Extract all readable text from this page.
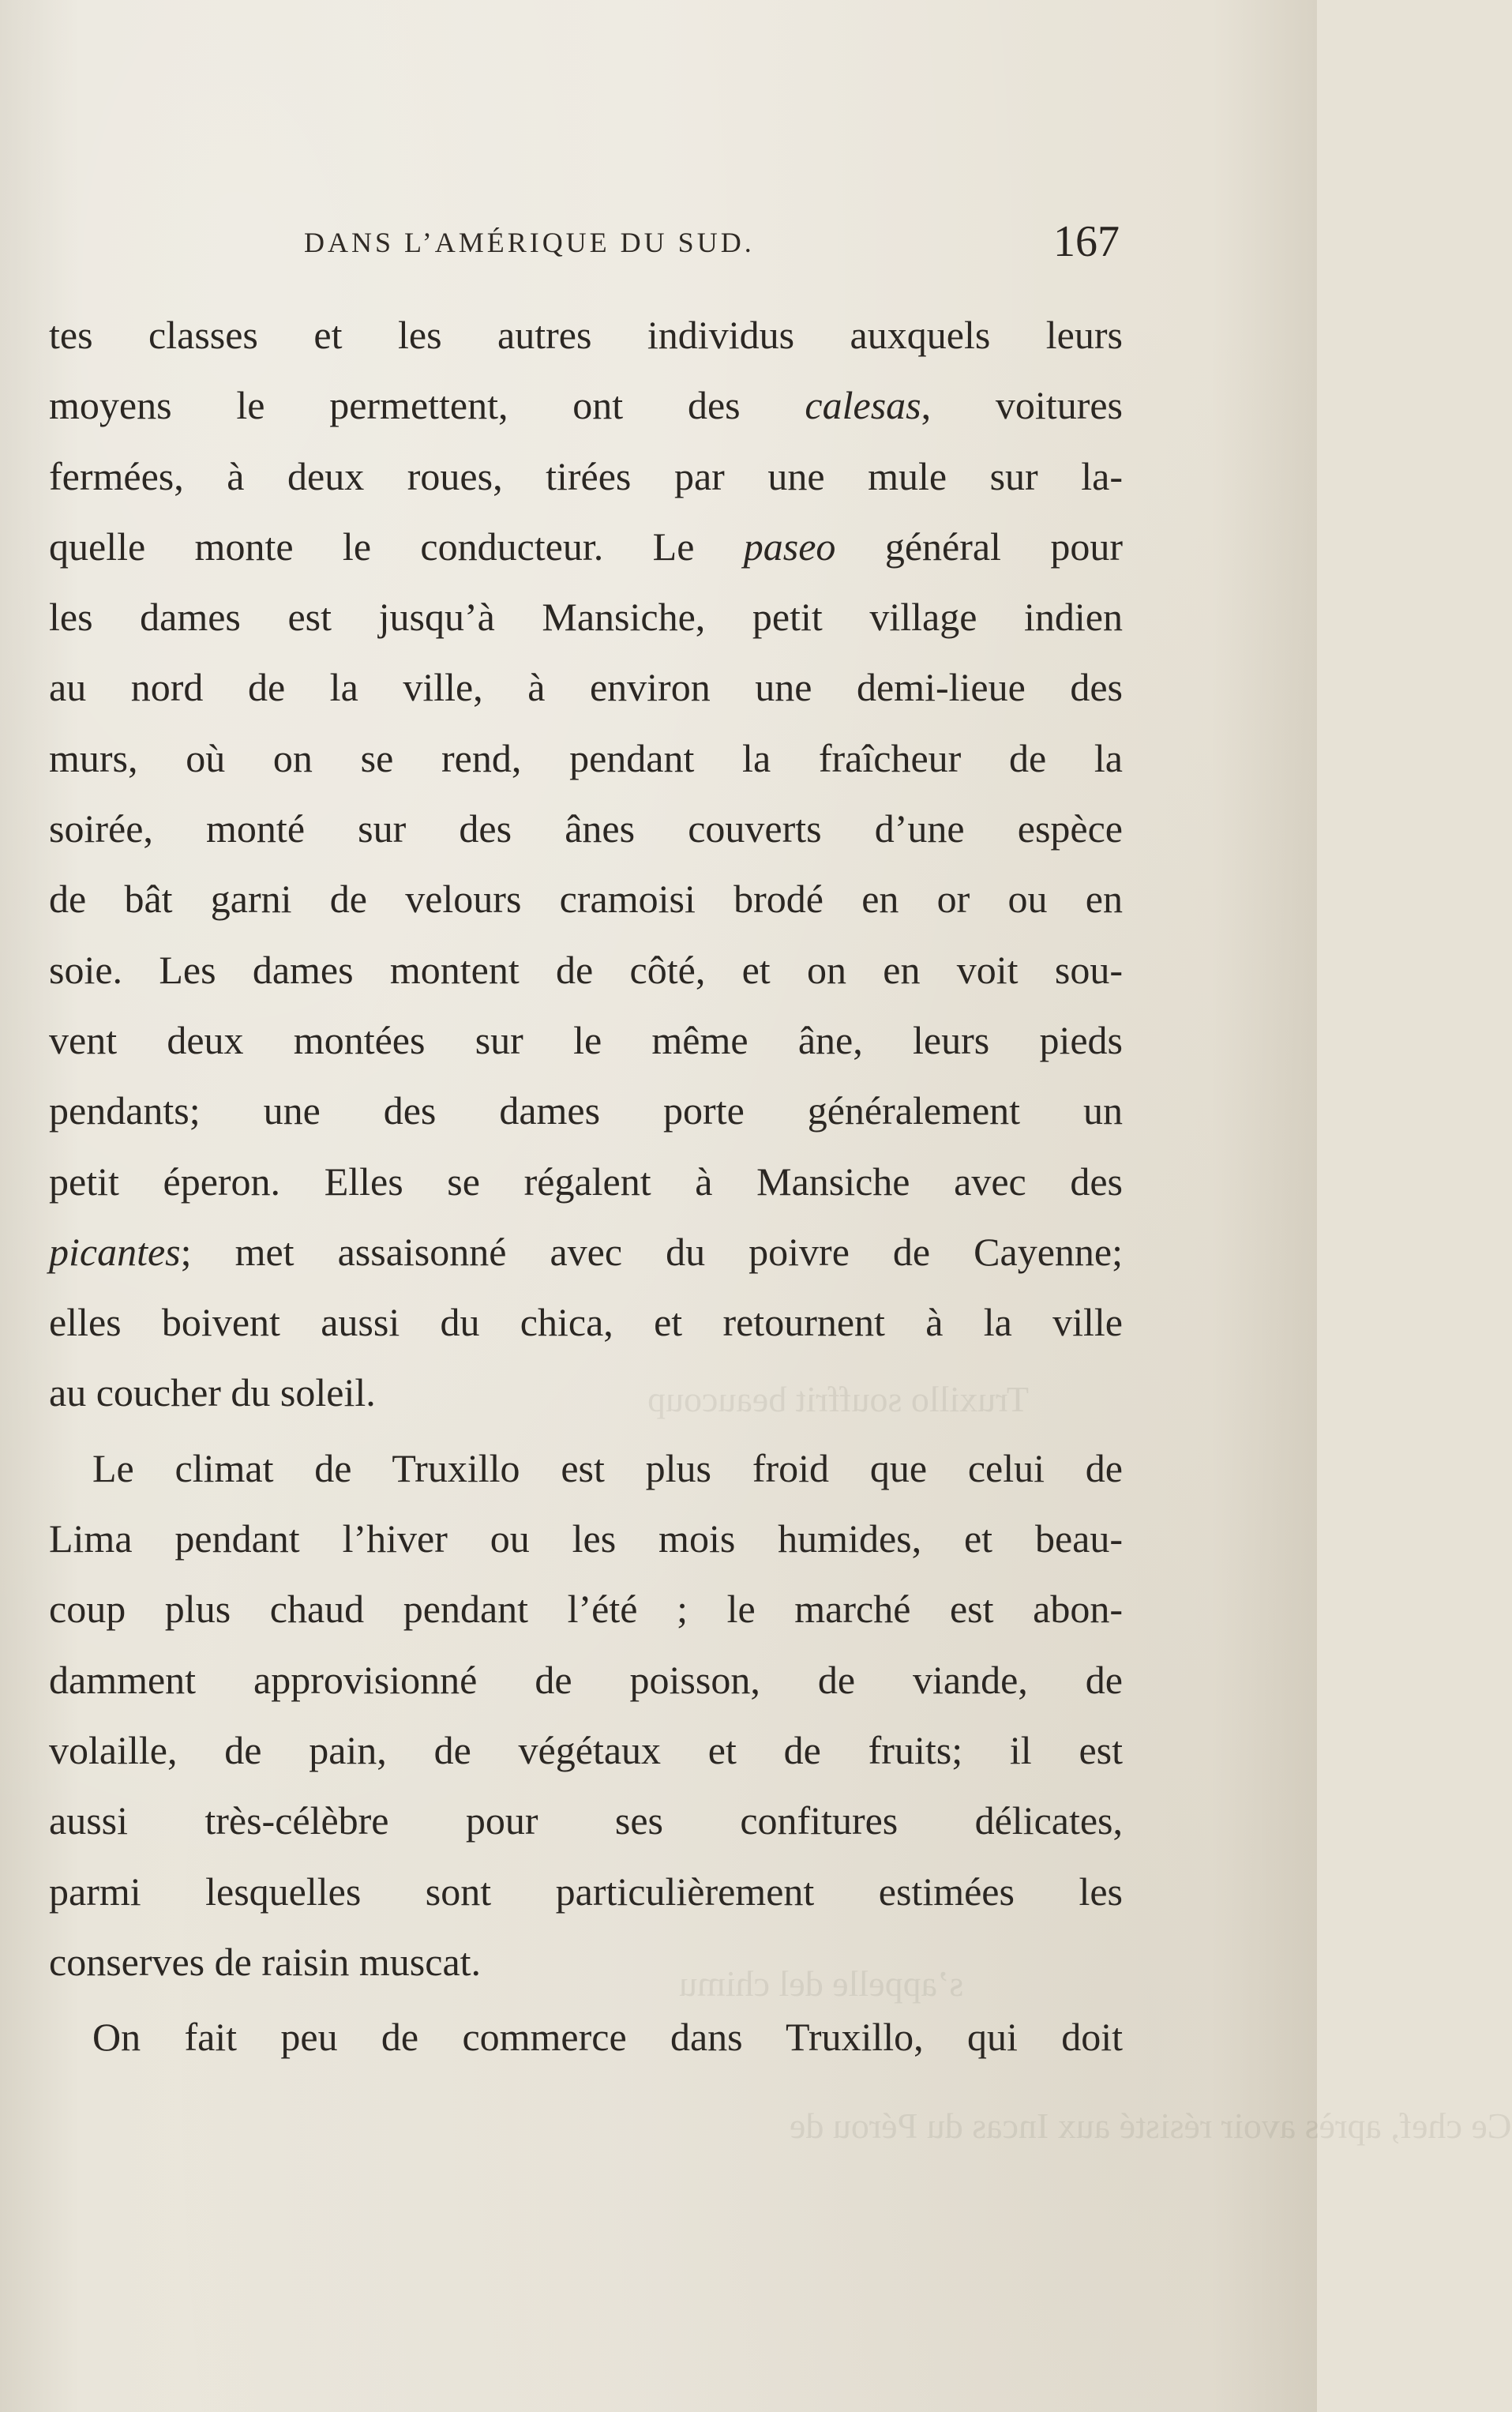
Truxillo souffrit beaucoup
s’appelle del chimu
Ce chef, après avoir résisté aux Incas du Pérou de
DANS L’AMÉRIQUE DU SUD.	167
tes classes et les autres individus auxquels leurs
moyens le permettent, ont des calesas, voitures
fermées, à deux roues, tirées par une mule sur la-
quelle monte le conducteur. Le paseo général pour
les dames est jusqu’à Mansiche, petit village indien
au nord de la ville, à environ une demi-lieue des
murs, où on se rend, pendant la fraîcheur de la
soirée, monté sur des ânes couverts d’une espèce
de bât garni de velours cramoisi brodé en or ou en
soie. Les dames montent de côté, et on en voit sou-
vent deux montées sur le même âne, leurs pieds
pendants; une des dames porte généralement un
petit éperon. Elles se régalent à Mansiche avec des
picantes; met assaisonné avec du poivre de Cayenne;
elles boivent aussi du chica, et retournent à la ville
au coucher du soleil.
Le climat de Truxillo est plus froid que celui de
Lima pendant l’hiver ou les mois humides, et beau-
coup plus chaud pendant l’été ; le marché est abon-
damment approvisionné de poisson, de viande, de
volaille, de pain, de végétaux et de fruits; il est
aussi très-célèbre pour ses confitures délicates,
parmi lesquelles sont particulièrement estimées les
conserves de raisin muscat.
On fait peu de commerce dans Truxillo, qui doit
